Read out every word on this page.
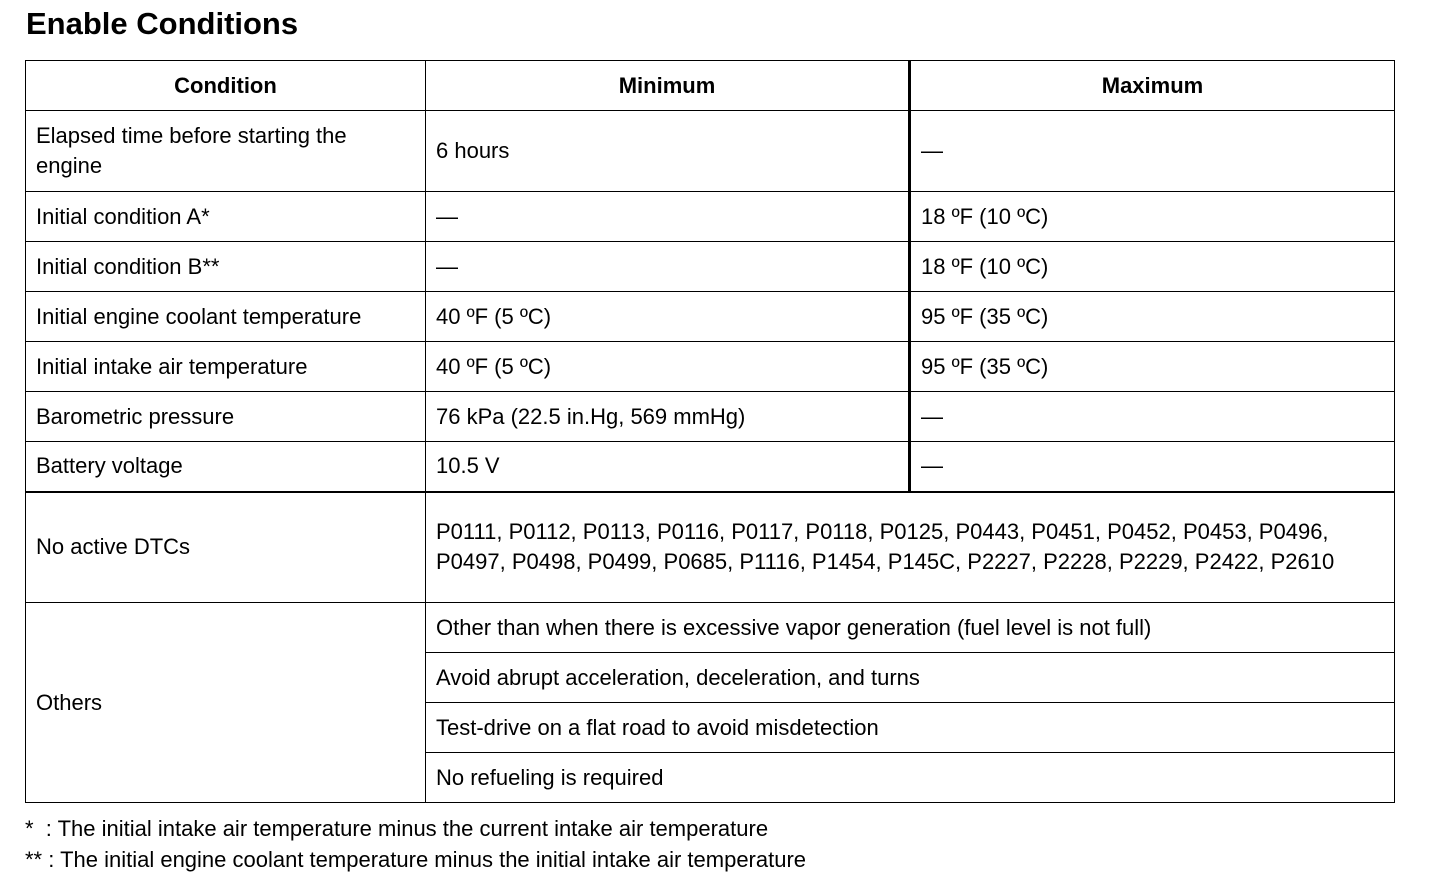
Enable Conditions
Condition	Minimum	Maximum
Elapsed time before starting the engine	6 hours	—
Initial condition A*	—	18 ºF (10 ºC)
Initial condition B**	—	18 ºF (10 ºC)
Initial engine coolant temperature	40 ºF (5 ºC)	95 ºF (35 ºC)
Initial intake air temperature	40 ºF (5 ºC)	95 ºF (35 ºC)
Barometric pressure	76 kPa (22.5 in.Hg, 569 mmHg)	—
Battery voltage	10.5 V	—
No active DTCs	P0111, P0112, P0113, P0116, P0117, P0118, P0125, P0443, P0451, P0452, P0453, P0496, P0497, P0498, P0499, P0685, P1116, P1454, P145C, P2227, P2228, P2229, P2422, P2610	
Others	Other than when there is excessive vapor generation (fuel level is not full)	
	Avoid abrupt acceleration, deceleration, and turns	
	Test-drive on a flat road to avoid misdetection	
	No refueling is required	
*  : The initial intake air temperature minus the current intake air temperature
** : The initial engine coolant temperature minus the initial intake air temperature
